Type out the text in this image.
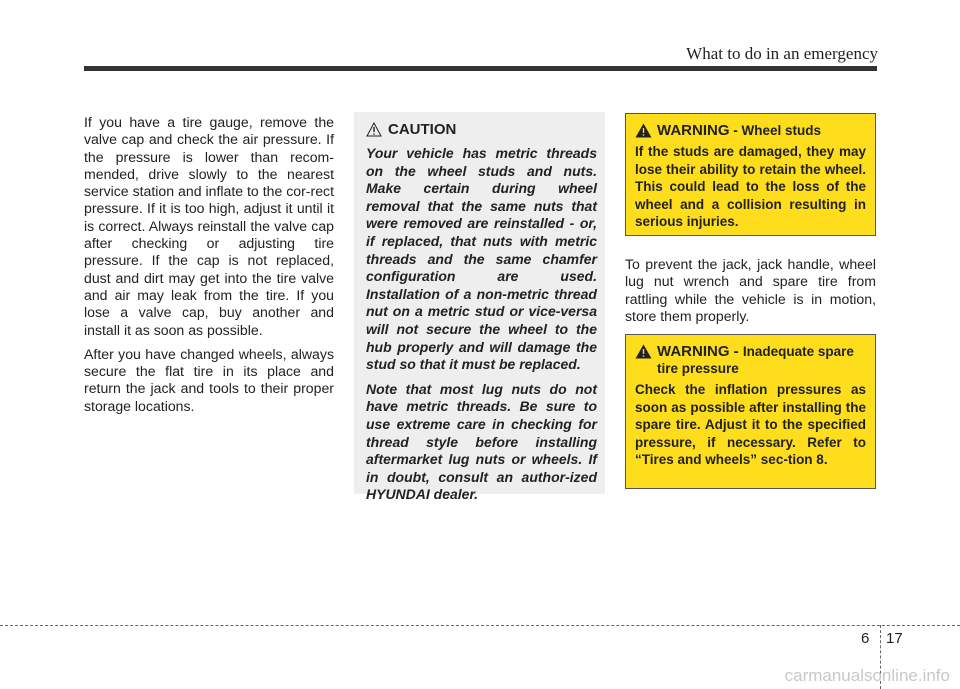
What to do in an emergency

If you have a tire gauge, remove the valve cap and check the air pressure. If the pressure is lower than recom-mended, drive slowly to the nearest service station and inflate to the cor-rect pressure. If it is too high, adjust it until it is correct. Always reinstall the valve cap after checking or adjusting tire pressure. If the cap is not replaced, dust and dirt may get into the tire valve and air may leak from the tire. If you lose a valve cap, buy another and install it as soon as possible.

After you have changed wheels, always secure the flat tire in its place and return the jack and tools to their proper storage locations.

CAUTION

Your vehicle has metric threads on the wheel studs and nuts. Make certain during wheel removal that the same nuts that were removed are reinstalled - or, if replaced, that nuts with metric threads and the same chamfer configuration are used. Installation of a non-metric thread nut on a metric stud or vice-versa will not secure the wheel to the hub properly and will damage the stud so that it must be replaced.

Note that most lug nuts do not have metric threads. Be sure to use extreme care in checking for thread style before installing aftermarket lug nuts or wheels. If in doubt, consult an author-ized HYUNDAI dealer.

WARNING - Wheel studs
If the studs are damaged, they may lose their ability to retain the wheel. This could lead to the loss of the wheel and a collision resulting in serious injuries.

To prevent the jack, jack handle, wheel lug nut wrench and spare tire from rattling while the vehicle is in motion, store them properly.

WARNING - Inadequate spare tire pressure
Check the inflation pressures as soon as possible after installing the spare tire. Adjust it to the specified pressure, if necessary. Refer to “Tires and wheels” sec-tion 8.
6 17
carmanualsonline.info
